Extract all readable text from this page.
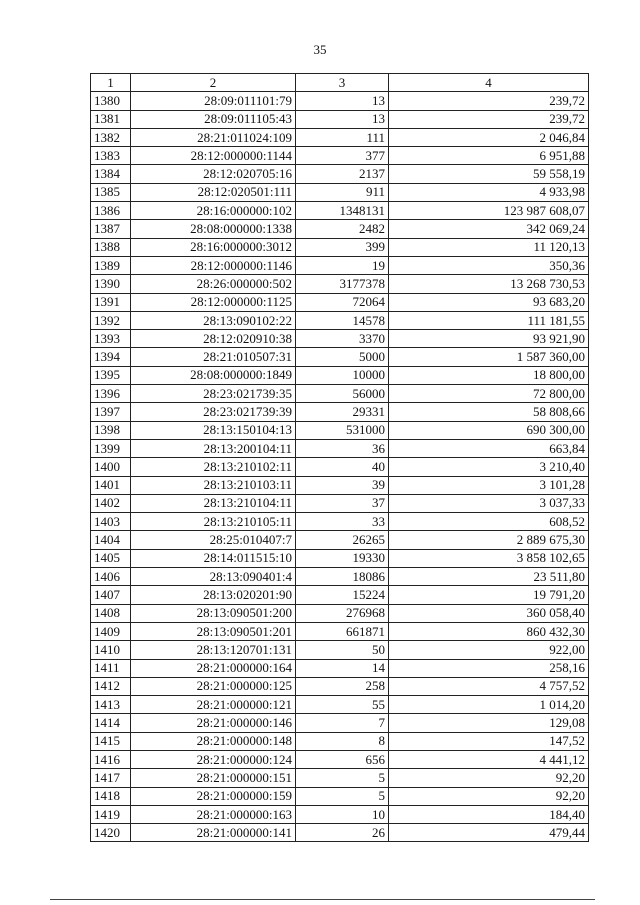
35
1	2	3	4
1380	28:09:011101:79	13	239,72
1381	28:09:011105:43	13	239,72
1382	28:21:011024:109	111	2 046,84
1383	28:12:000000:1144	377	6 951,88
1384	28:12:020705:16	2137	59 558,19
1385	28:12:020501:111	911	4 933,98
1386	28:16:000000:102	1348131	123 987 608,07
1387	28:08:000000:1338	2482	342 069,24
1388	28:16:000000:3012	399	11 120,13
1389	28:12:000000:1146	19	350,36
1390	28:26:000000:502	3177378	13 268 730,53
1391	28:12:000000:1125	72064	93 683,20
1392	28:13:090102:22	14578	111 181,55
1393	28:12:020910:38	3370	93 921,90
1394	28:21:010507:31	5000	1 587 360,00
1395	28:08:000000:1849	10000	18 800,00
1396	28:23:021739:35	56000	72 800,00
1397	28:23:021739:39	29331	58 808,66
1398	28:13:150104:13	531000	690 300,00
1399	28:13:200104:11	36	663,84
1400	28:13:210102:11	40	3 210,40
1401	28:13:210103:11	39	3 101,28
1402	28:13:210104:11	37	3 037,33
1403	28:13:210105:11	33	608,52
1404	28:25:010407:7	26265	2 889 675,30
1405	28:14:011515:10	19330	3 858 102,65
1406	28:13:090401:4	18086	23 511,80
1407	28:13:020201:90	15224	19 791,20
1408	28:13:090501:200	276968	360 058,40
1409	28:13:090501:201	661871	860 432,30
1410	28:13:120701:131	50	922,00
1411	28:21:000000:164	14	258,16
1412	28:21:000000:125	258	4 757,52
1413	28:21:000000:121	55	1 014,20
1414	28:21:000000:146	7	129,08
1415	28:21:000000:148	8	147,52
1416	28:21:000000:124	656	4 441,12
1417	28:21:000000:151	5	92,20
1418	28:21:000000:159	5	92,20
1419	28:21:000000:163	10	184,40
1420	28:21:000000:141	26	479,44
